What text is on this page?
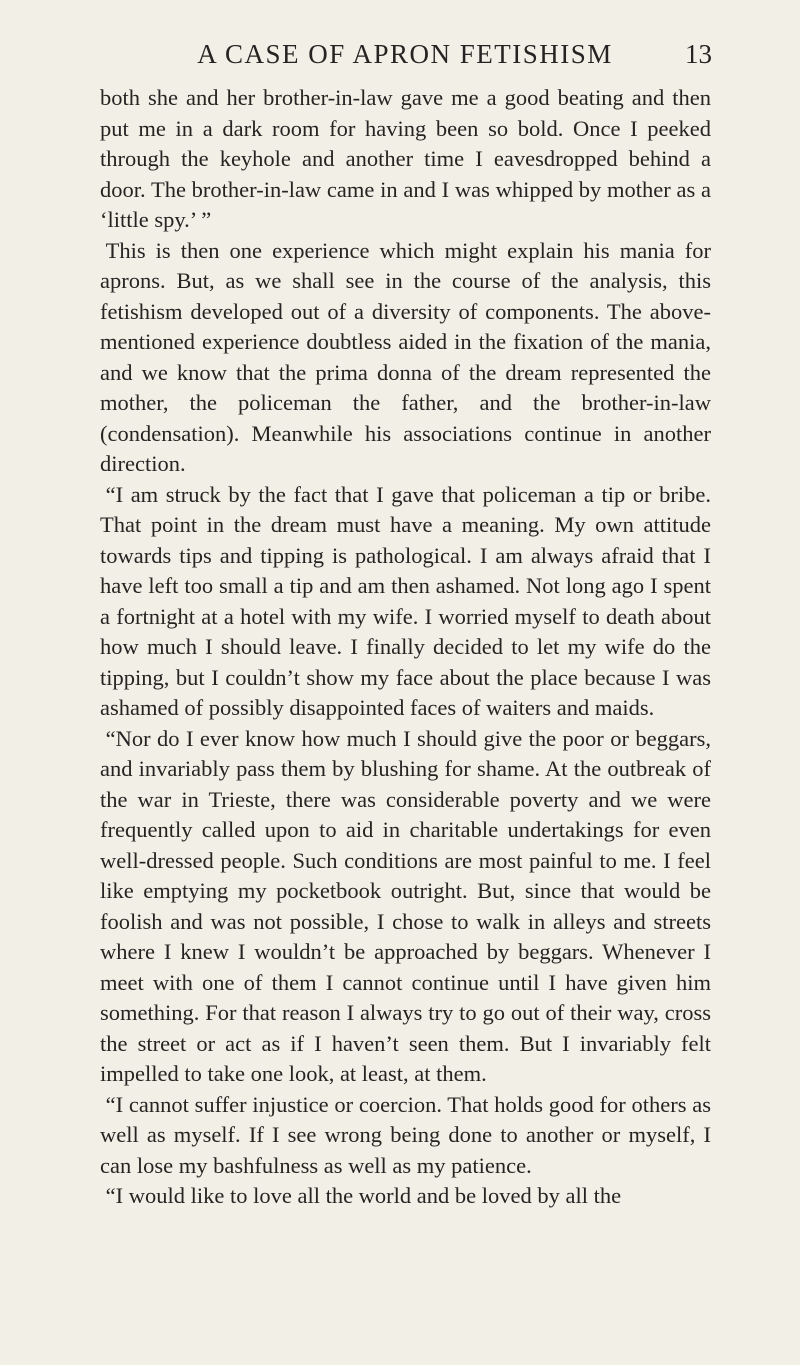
A CASE OF APRON FETISHISM	13

both she and her brother-in-law gave me a good beating and then put me in a dark room for having been so bold. Once I peeked through the keyhole and another time I eavesdropped behind a door. The brother-in-law came in and I was whipped by mother as a ‘little spy.’ ”

This is then one experience which might explain his mania for aprons. But, as we shall see in the course of the analysis, this fetishism developed out of a diversity of components. The above-mentioned experience doubtless aided in the fixation of the mania, and we know that the prima donna of the dream represented the mother, the policeman the father, and the brother-in-law (condensation). Meanwhile his associations continue in another direction.

“I am struck by the fact that I gave that policeman a tip or bribe. That point in the dream must have a meaning. My own attitude towards tips and tipping is pathological. I am always afraid that I have left too small a tip and am then ashamed. Not long ago I spent a fortnight at a hotel with my wife. I worried myself to death about how much I should leave. I finally decided to let my wife do the tipping, but I couldn’t show my face about the place because I was ashamed of possibly disappointed faces of waiters and maids.

“Nor do I ever know how much I should give the poor or beggars, and invariably pass them by blushing for shame. At the outbreak of the war in Trieste, there was considerable poverty and we were frequently called upon to aid in charitable undertakings for even well-dressed people. Such conditions are most painful to me. I feel like emptying my pocketbook outright. But, since that would be foolish and was not possible, I chose to walk in alleys and streets where I knew I wouldn’t be approached by beggars. Whenever I meet with one of them I cannot continue until I have given him something. For that reason I always try to go out of their way, cross the street or act as if I haven’t seen them. But I invariably felt impelled to take one look, at least, at them.

“I cannot suffer injustice or coercion. That holds good for others as well as myself. If I see wrong being done to another or myself, I can lose my bashfulness as well as my patience.

“I would like to love all the world and be loved by all the
